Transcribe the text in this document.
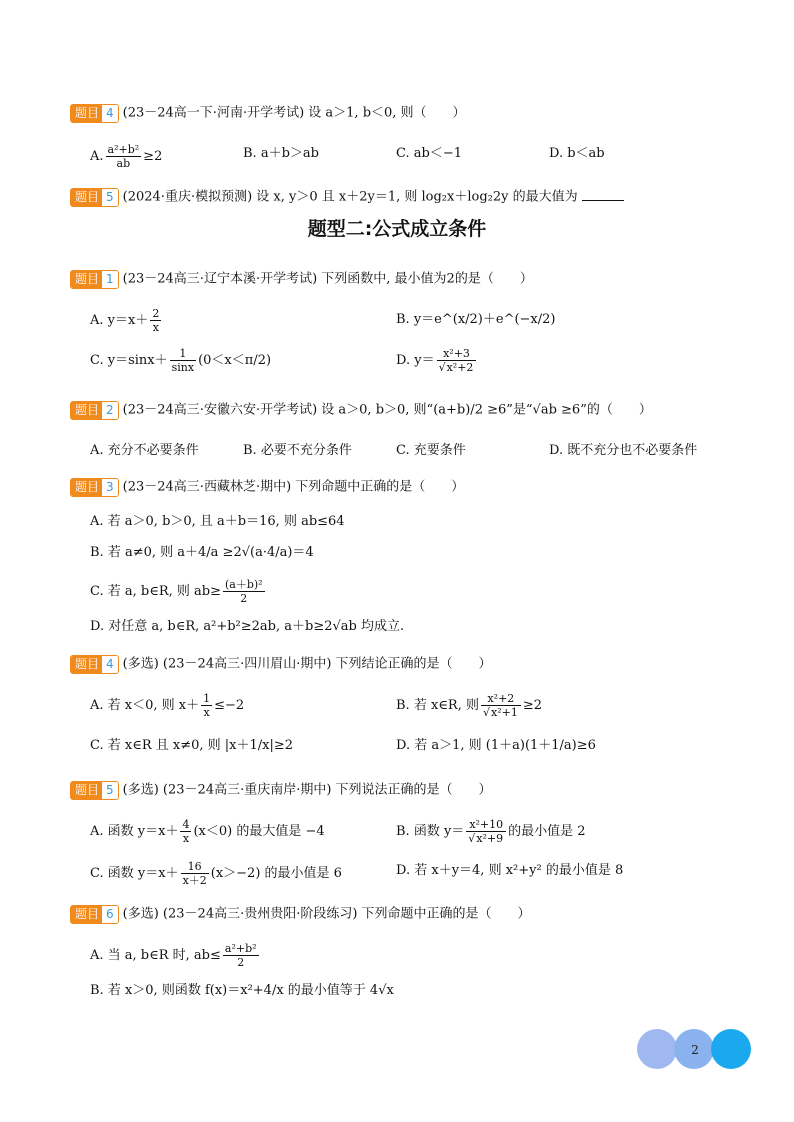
题目 4 (23－24高一下·河南·开学考试) 设 a＞1, b＜0, 则（　　）
A. $\frac{\text{a²+b²}}{ab} \ge 2$	B. a＋b＞ab	C. ab＜−1	D. b＜ab
题目 5 (2024·重庆·模拟预测) 设 x, y＞0 且 x＋2y＝1, 则 log₂x＋log₂2y 的最大值为
题型二:公式成立条件
题目 1 (23－24高三·辽宁本溪·开学考试) 下列函数中, 最小值为2的是（　　）
A. $y=x+ \frac{2}{x}$	B. y＝e^(x/2)＋e^(−x/2)
C. $y=\sin x+ \frac{1}{\sin x} (0<x<\pi/2)$	D. $y= \frac{\text{x²+3}}{\text{√x²+2}}$
题目 2 (23－24高三·安徽六安·开学考试) 设 a＞0, b＞0, 则“(a+b)/2 ≥6”是“√ab ≥6”的（　　）
A. 充分不必要条件	B. 必要不充分条件	C. 充要条件	D. 既不充分也不必要条件
题目 3 (23－24高三·西藏林芝·期中) 下列命题中正确的是（　　）
A. 若 a＞0, b＞0, 且 a＋b＝16, 则 ab≤64
B. 若 a≠0, 则 a＋4/a ≥2√(a·4/a)＝4
C. 若 a, b∈R, 则 $ab\ge \frac{\text{(a＋b)²}}{2}$
D. 对任意 a, b∈R, a²+b²≥2ab, a＋b≥2√ab 均成立.
题目 4 (多选) (23－24高三·四川眉山·期中) 下列结论正确的是（　　）
A. 若 x＜0, 则 $x+ \frac{1}{x} \le-2$	B. 若 x∈R, 则 $\frac{\text{x²+2}}{\text{√x²+1}} \ge 2$
C. 若 x∈R 且 x≠0, 则 |x＋1/x|≥2	D. 若 a＞1, 则 (1＋a)(1＋1/a)≥6
题目 5 (多选) (23－24高三·重庆南岸·期中) 下列说法正确的是（　　）
A. 函数 $y=x+ \frac{4}{x} (x<0)$ 的最大值是 −4	B. 函数 $y= \frac{\text{x²+10}}{\text{√x²+9}}$ 的最小值是 2
C. 函数 $y=x+ \frac{16}{x+2} (x>-2)$ 的最小值是 6	D. 若 x＋y＝4, 则 x²+y² 的最小值是 8
题目 6 (多选) (23－24高三·贵州贵阳·阶段练习) 下列命题中正确的是（　　）
A. 当 a, b∈R 时, $ab\le \frac{\text{a²+b²}}{2}$
B. 若 x＞0, 则函数 f(x)＝x²+4/x 的最小值等于 4√x
2
